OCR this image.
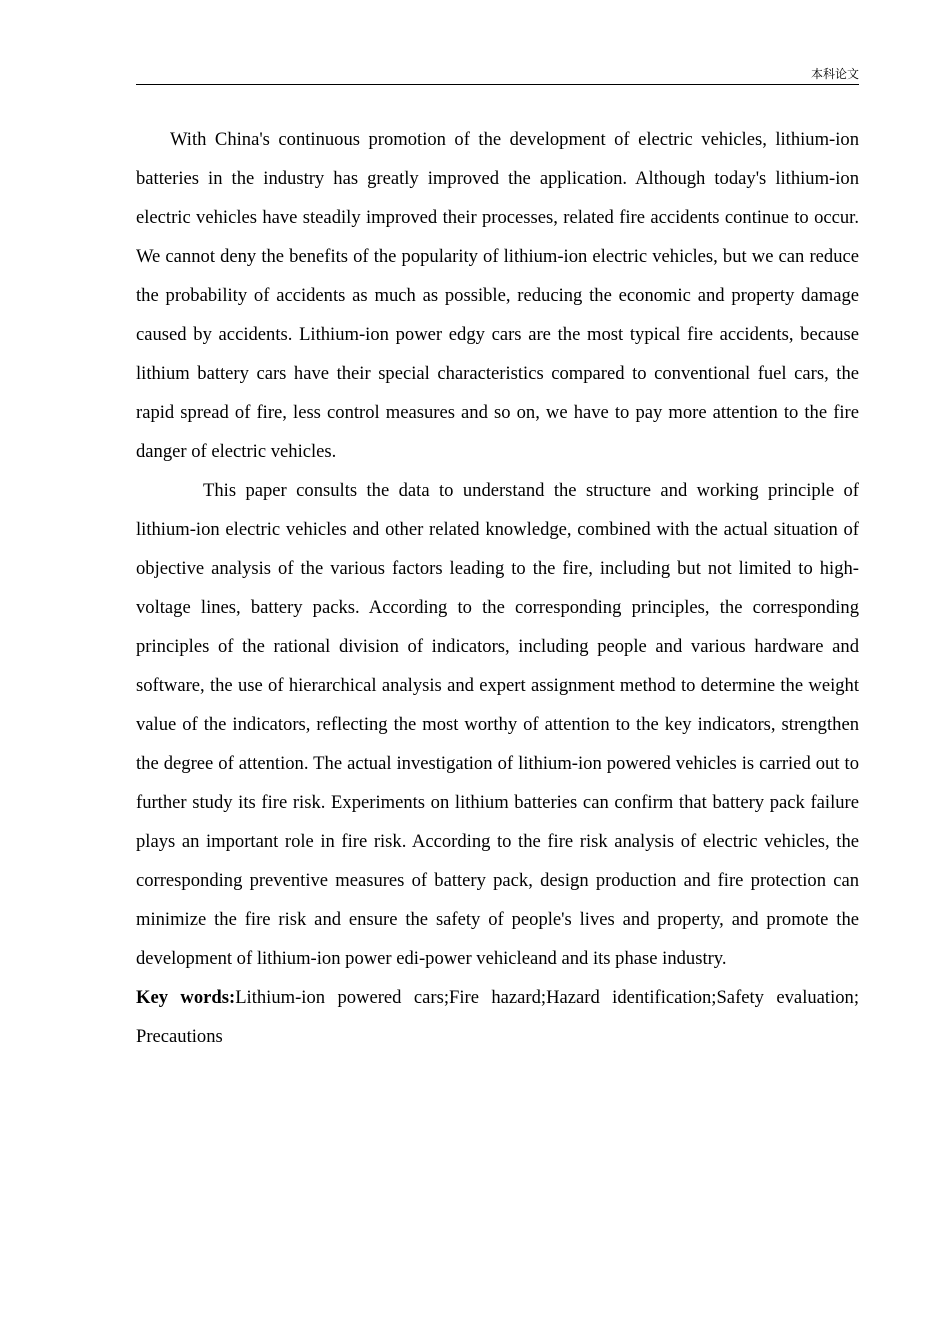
本科论文

With China's continuous promotion of the development of electric vehicles, lithium-ion batteries in the industry has greatly improved the application. Although today's lithium-ion electric vehicles have steadily improved their processes, related fire accidents continue to occur. We cannot deny the benefits of the popularity of lithium-ion electric vehicles, but we can reduce the probability of accidents as much as possible, reducing the economic and property damage caused by accidents. Lithium-ion power edgy cars are the most typical fire accidents, because lithium battery cars have their special characteristics compared to conventional fuel cars, the rapid spread of fire, less control measures and so on, we have to pay more attention to the fire danger of electric vehicles.

This paper consults the data to understand the structure and working principle of lithium-ion electric vehicles and other related knowledge, combined with the actual situation of objective analysis of the various factors leading to the fire, including but not limited to high-voltage lines, battery packs. According to the corresponding principles, the corresponding principles of the rational division of indicators, including people and various hardware and software, the use of hierarchical analysis and expert assignment method to determine the weight value of the indicators, reflecting the most worthy of attention to the key indicators, strengthen the degree of attention. The actual investigation of lithium-ion powered vehicles is carried out to further study its fire risk. Experiments on lithium batteries can confirm that battery pack failure plays an important role in fire risk. According to the fire risk analysis of electric vehicles, the corresponding preventive measures of battery pack, design production and fire protection can minimize the fire risk and ensure the safety of people's lives and property, and promote the development of lithium-ion power edi-power vehicleand and its phase industry.

Key words:Lithium-ion powered cars;Fire hazard;Hazard identification;Safety evaluation; Precautions
